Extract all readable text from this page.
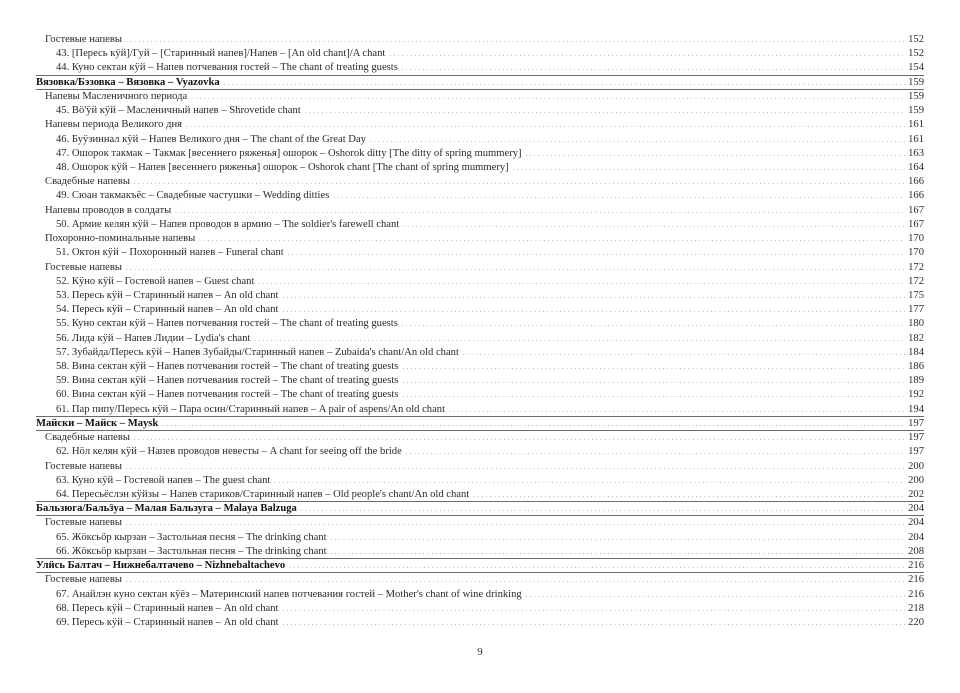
Гостевые напевы . . .	152
43. [Пересь кӱй]/Гуй – [Старинный напев]/Напев – [An old chant]/A chant . . .	152
44. Куно сектан кӱй – Напев потчевания гостей – The chant of treating guests . . .	154
Вязовка/Бэзовка – Вязовка – Vyazovka . . .	159
Напевы Масленичного периода . . .	159
45. Вӧ'ӱй кӱй – Масленичный напев – Shrovetide chant . . .	159
Напевы периода Великого дня . . .	161
46. Буӱзиннал кӱй – Напев Великого дня – The chant of the Great Day . . .	161
47. Ошорок такмак – Такмак [весеннего ряженья] ошорок – Oshorok ditty [The ditty of spring mummery] . . .	163
48. Ошорок кӱй – Напев [весеннего ряженья] ошорок – Oshorok chant [The chant of spring mummery] . . .	164
Свадебные напевы . . .	166
49. Сюан такмакъёс – Свадебные частушки – Wedding ditties . . .	166
Напевы проводов в солдаты . . .	167
50. Армие келян кӱй – Напев проводов в армию – The soldier's farewell chant . . .	167
Похоронно-поминальные напевы . . .	170
51. Октон кӱй – Похоронный напев – Funeral chant . . .	170
Гостевые напевы . . .	172
52. Кӱно кӱй – Гостевой напев – Guest chant . . .	172
53. Пересь кӱй – Старинный напев – An old chant . . .	175
54. Пересь кӱй – Старинный напев – An old chant . . .	177
55. Куно сектан кӱй – Напев потчевания гостей – The chant of treating guests . . .	180
56. Лида кӱй – Напев Лидии – Lydia's chant . . .	182
57. Зубайда/Пересь кӱй – Напев Зубайды/Старинный напев – Zubaida's chant/An old chant . . .	184
58. Вина сектан кӱй – Напев потчевания гостей – The chant of treating guests . . .	186
59. Вина сектан кӱй – Напев потчевания гостей – The chant of treating guests . . .	189
60. Вина сектан кӱй – Напев потчевания гостей – The chant of treating guests . . .	192
61. Пар пипу/Пересь кӱй – Пара осин/Старинный напев – A pair of aspens/An old chant . . .	194
Майски – Майск – Maysk . . .	197
Свадебные напевы . . .	197
62. Нӧл келян кӱй – Напев проводов невесты – A chant for seeing off the bride . . .	197
Гостевые напевы . . .	200
63. Куно кӱй – Гостевой напев – The guest chant . . .	200
64. Пересьёслэн кӱйзы – Напев стариков/Старинный напев – Old people's chant/An old chant . . .	202
Бальзюга/Бальӟуа – Малая Бальзуга – Malaya Balzuga . . .	204
Гостевые напевы . . .	204
65. Жӧксьӧр кырзан – Застольная песня – The drinking chant . . .	204
66. Жӧксьӧр кырзан – Застольная песня – The drinking chant . . .	208
Улӥсь Балтач – Нижнебалтачево – Nizhnebaltachevo . . .	216
Гостевые напевы . . .	216
67. Анайлэн куно сектан кӱёз – Материнский напев потчевания гостей – Mother's chant of wine drinking . . .	216
68. Пересь кӱй – Старинный напев – An old chant . . .	218
69. Пересь кӱй – Старинный напев – An old chant . . .	220
9
